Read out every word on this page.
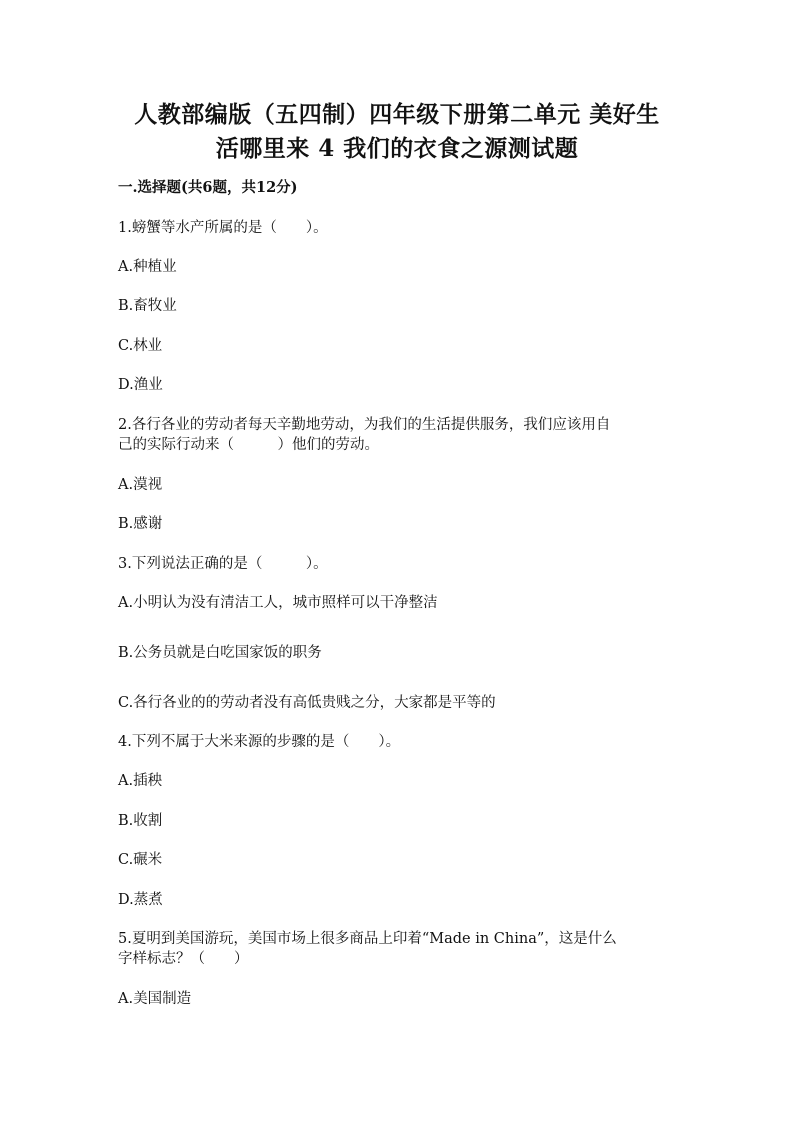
人教部编版（五四制）四年级下册第二单元 美好生
活哪里来 4 我们的衣食之源测试题
一.选择题(共6题，共12分)
1.螃蟹等水产所属的是（　　）。
A.种植业
B.畜牧业
C.林业
D.渔业
2.各行各业的劳动者每天辛勤地劳动，为我们的生活提供服务，我们应该用自
己的实际行动来（　　　）他们的劳动。
A.漠视
B.感谢
3.下列说法正确的是（　　　）。
A.小明认为没有清洁工人，城市照样可以干净整洁
B.公务员就是白吃国家饭的职务
C.各行各业的的劳动者没有高低贵贱之分，大家都是平等的
4.下列不属于大米来源的步骤的是（　　）。
A.插秧
B.收割
C.碾米
D.蒸煮
5.夏明到美国游玩，美国市场上很多商品上印着“Made in China”，这是什么
字样标志？（　　）
A.美国制造
